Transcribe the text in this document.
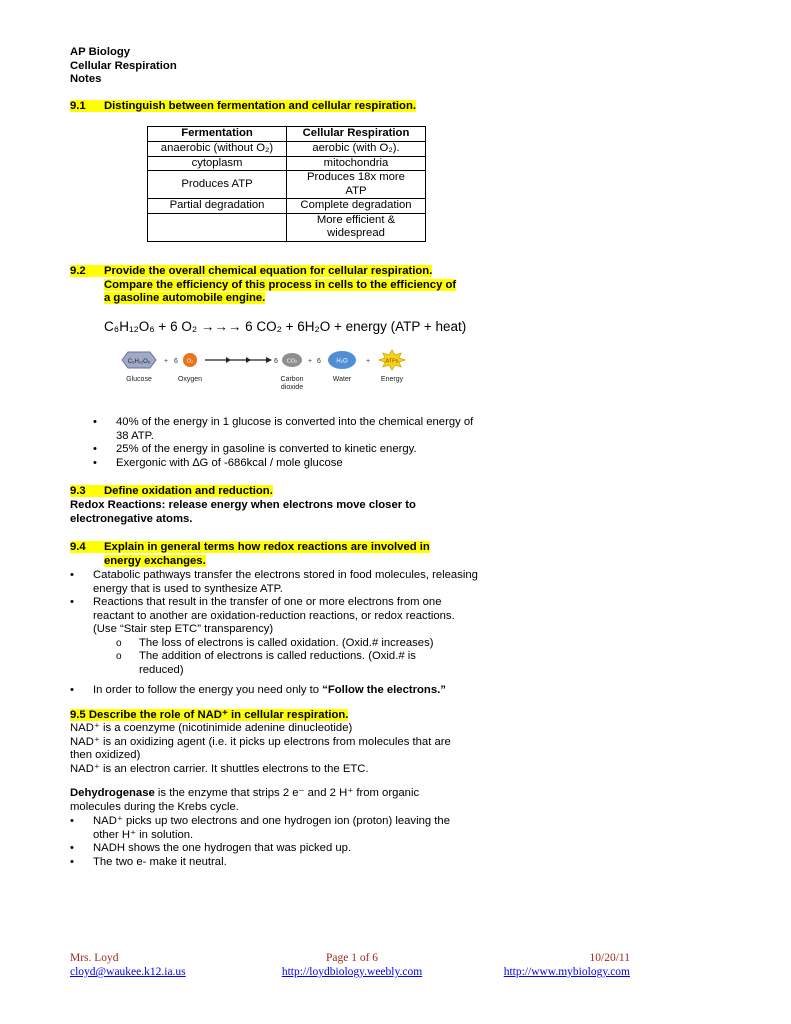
AP Biology
Cellular Respiration
Notes
9.1 Distinguish between fermentation and cellular respiration.
Fermentation	Cellular Respiration
anaerobic (without O₂)	aerobic (with O₂).
cytoplasm	mitochondria
Produces ATP	Produces 18x more ATP
Partial degradation	Complete degradation
	More efficient & widespread
9.2 Provide the overall chemical equation for cellular respiration.
Compare the efficiency of this process in cells to the efficiency of
a gasoline automobile engine.
C₆H₁₂O₆ + 6 O₂ →→→ 6 CO₂ + 6H₂O + energy (ATP + heat)
C₆H₁₂O₆
Glucose
+ 6 O₂
Oxygen
6 CO₂
Carbon
dioxide
+ 6	H₂O
Water
+	ATPs
Energy
• 40% of the energy in 1 glucose is converted into the chemical energy of 38 ATP.
• 25% of the energy in gasoline is converted to kinetic energy.
• Exergonic with ∆G of -686kcal / mole glucose
9.3 Define oxidation and reduction.
Redox Reactions: release energy when electrons move closer to
electronegative atoms.
9.4 Explain in general terms how redox reactions are involved in
energy exchanges.
• Catabolic pathways transfer the electrons stored in food molecules, releasing energy that is used to synthesize ATP.
• Reactions that result in the transfer of one or more electrons from one reactant to another are oxidation-reduction reactions, or redox reactions. (Use “Stair step ETC” transparency)
o The loss of electrons is called oxidation. (Oxid.# increases)
o The addition of electrons is called reductions. (Oxid.# is reduced)
• In order to follow the energy you need only to “Follow the electrons.”
9.5 Describe the role of NAD⁺ in cellular respiration.
NAD⁺ is a coenzyme (nicotinimide adenine dinucleotide)
NAD⁺ is an oxidizing agent (i.e. it picks up electrons from molecules that are then oxidized)
NAD⁺ is an electron carrier. It shuttles electrons to the ETC.
Dehydrogenase is the enzyme that strips 2 e⁻ and 2 H⁺ from organic molecules during the Krebs cycle.
• NAD⁺ picks up two electrons and one hydrogen ion (proton) leaving the other H⁺ in solution.
• NADH shows the one hydrogen that was picked up.
• The two e- make it neutral.
Mrs. Loyd
cloyd@waukee.k12.ia.us
Page 1 of 6
http://loydbiology.weebly.com
10/20/11
http://www.mybiology.com
